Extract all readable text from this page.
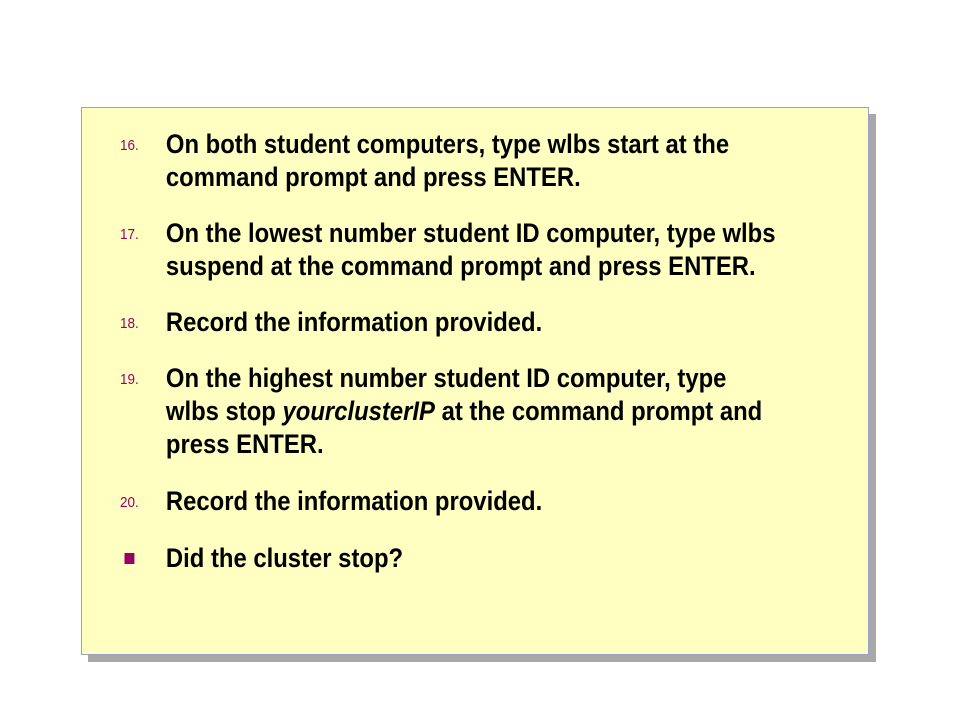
16. On both student computers, type wlbs start at the command prompt and press ENTER.
17. On the lowest number student ID computer, type wlbs suspend at the command prompt and press ENTER.
18. Record the information provided.
19. On the highest number student ID computer, type wlbs stop yourclusterIP at the command prompt and press ENTER.
20. Record the information provided.
Did the cluster stop?
